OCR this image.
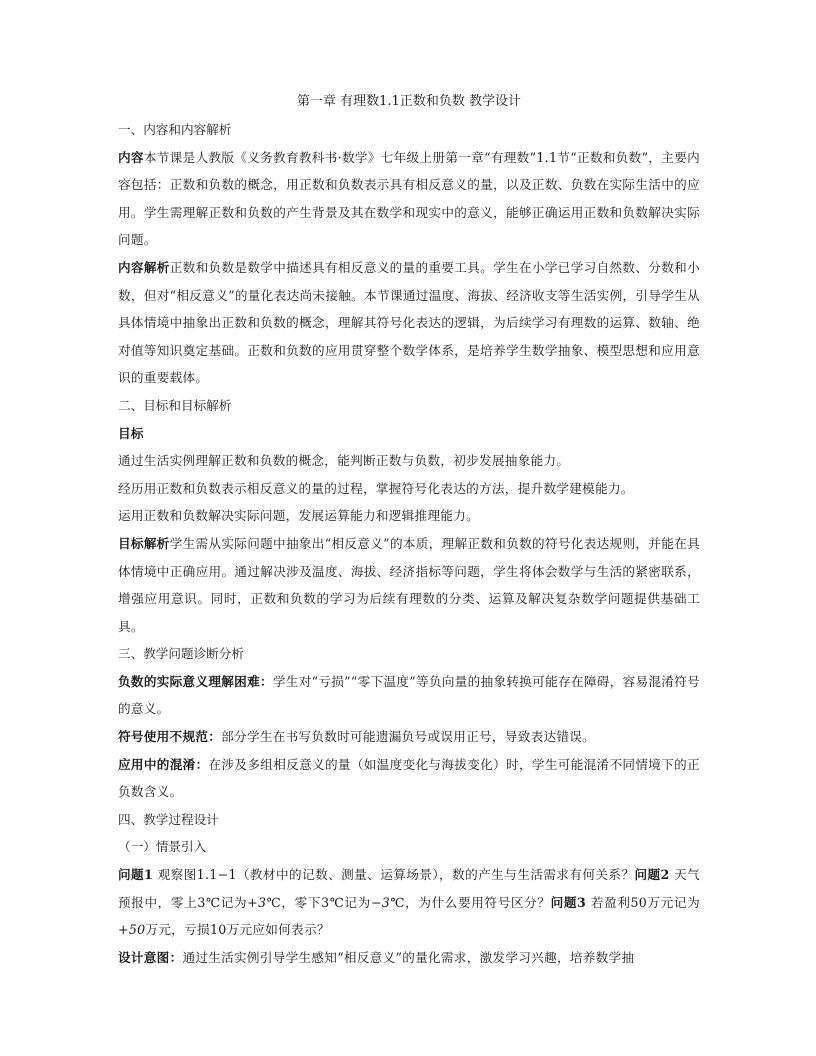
第一章 有理数1.1正数和负数 教学设计

一、内容和内容解析

内容本节课是人教版《义务教育教科书·数学》七年级上册第一章“有理数”1.1节“正数和负数”，主要内容包括：正数和负数的概念，用正数和负数表示具有相反意义的量，以及正数、负数在实际生活中的应用。学生需理解正数和负数的产生背景及其在数学和现实中的意义，能够正确运用正数和负数解决实际问题。

内容解析正数和负数是数学中描述具有相反意义的量的重要工具。学生在小学已学习自然数、分数和小数，但对“相反意义”的量化表达尚未接触。本节课通过温度、海拔、经济收支等生活实例，引导学生从具体情境中抽象出正数和负数的概念，理解其符号化表达的逻辑，为后续学习有理数的运算、数轴、绝对值等知识奠定基础。正数和负数的应用贯穿整个数学体系，是培养学生数学抽象、模型思想和应用意识的重要载体。

二、目标和目标解析

目标

通过生活实例理解正数和负数的概念，能判断正数与负数，初步发展抽象能力。

经历用正数和负数表示相反意义的量的过程，掌握符号化表达的方法，提升数学建模能力。

运用正数和负数解决实际问题，发展运算能力和逻辑推理能力。

目标解析学生需从实际问题中抽象出“相反意义”的本质，理解正数和负数的符号化表达规则，并能在具体情境中正确应用。通过解决涉及温度、海拔、经济指标等问题，学生将体会数学与生活的紧密联系，增强应用意识。同时，正数和负数的学习为后续有理数的分类、运算及解决复杂数学问题提供基础工具。

三、教学问题诊断分析

负数的实际意义理解困难：学生对“亏损”“零下温度”等负向量的抽象转换可能存在障碍，容易混淆符号的意义。

符号使用不规范：部分学生在书写负数时可能遗漏负号或误用正号，导致表达错误。

应用中的混淆：在涉及多组相反意义的量（如温度变化与海拔变化）时，学生可能混淆不同情境下的正负数含义。

四、教学过程设计

（一）情景引入

问题1 观察图1.1−1（教材中的记数、测量、运算场景），数的产生与生活需求有何关系？问题2 天气预报中，零上3℃记为+3℃，零下3℃记为−3℃，为什么要用符号区分？问题3 若盈利50万元记为+50万元，亏损10万元应如何表示？

设计意图：通过生活实例引导学生感知“相反意义”的量化需求，激发学习兴趣，培养数学抽
